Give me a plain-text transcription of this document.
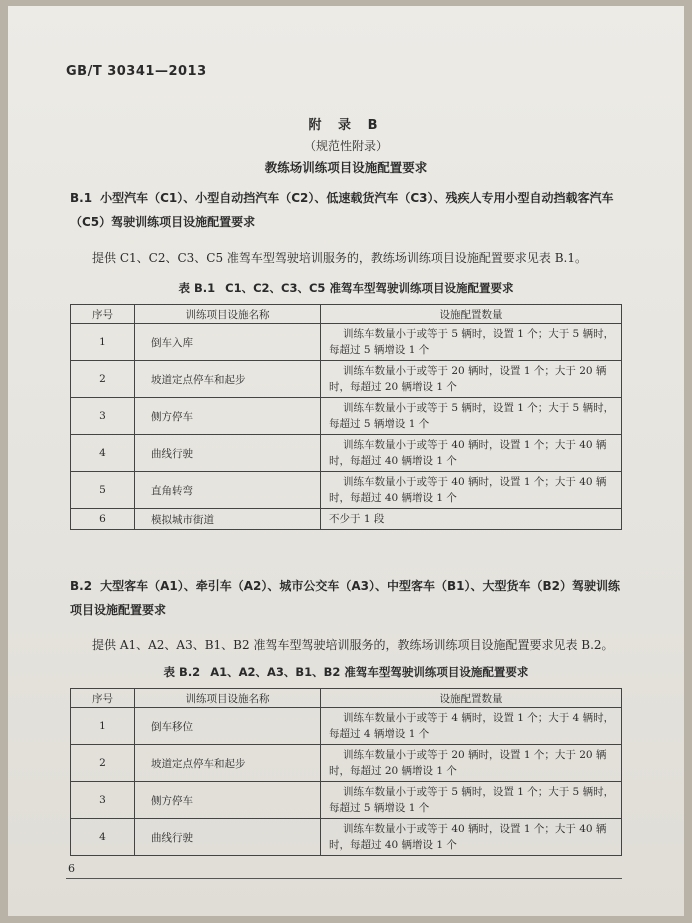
GB/T 30341—2013
附 录 B
（规范性附录）
教练场训练项目设施配置要求
B.1 小型汽车（C1）、小型自动挡汽车（C2）、低速载货汽车（C3）、残疾人专用小型自动挡载客汽车（C5）驾驶训练项目设施配置要求
提供 C1、C2、C3、C5 准驾车型驾驶培训服务的，教练场训练项目设施配置要求见表 B.1。
表 B.1 C1、C2、C3、C5 准驾车型驾驶训练项目设施配置要求
序号	训练项目设施名称	设施配置数量
1	倒车入库	训练车数量小于或等于 5 辆时，设置 1 个；大于 5 辆时，每超过 5 辆增设 1 个
2	坡道定点停车和起步	训练车数量小于或等于 20 辆时，设置 1 个；大于 20 辆时，每超过 20 辆增设 1 个
3	侧方停车	训练车数量小于或等于 5 辆时，设置 1 个；大于 5 辆时，每超过 5 辆增设 1 个
4	曲线行驶	训练车数量小于或等于 40 辆时，设置 1 个；大于 40 辆时，每超过 40 辆增设 1 个
5	直角转弯	训练车数量小于或等于 40 辆时，设置 1 个；大于 40 辆时，每超过 40 辆增设 1 个
6	模拟城市街道	不少于 1 段
B.2 大型客车（A1）、牵引车（A2）、城市公交车（A3）、中型客车（B1）、大型货车（B2）驾驶训练项目设施配置要求
提供 A1、A2、A3、B1、B2 准驾车型驾驶培训服务的，教练场训练项目设施配置要求见表 B.2。
表 B.2 A1、A2、A3、B1、B2 准驾车型驾驶训练项目设施配置要求
序号	训练项目设施名称	设施配置数量
1	倒车移位	训练车数量小于或等于 4 辆时，设置 1 个；大于 4 辆时，每超过 4 辆增设 1 个
2	坡道定点停车和起步	训练车数量小于或等于 20 辆时，设置 1 个；大于 20 辆时，每超过 20 辆增设 1 个
3	侧方停车	训练车数量小于或等于 5 辆时，设置 1 个；大于 5 辆时，每超过 5 辆增设 1 个
4	曲线行驶	训练车数量小于或等于 40 辆时，设置 1 个；大于 40 辆时，每超过 40 辆增设 1 个
6
